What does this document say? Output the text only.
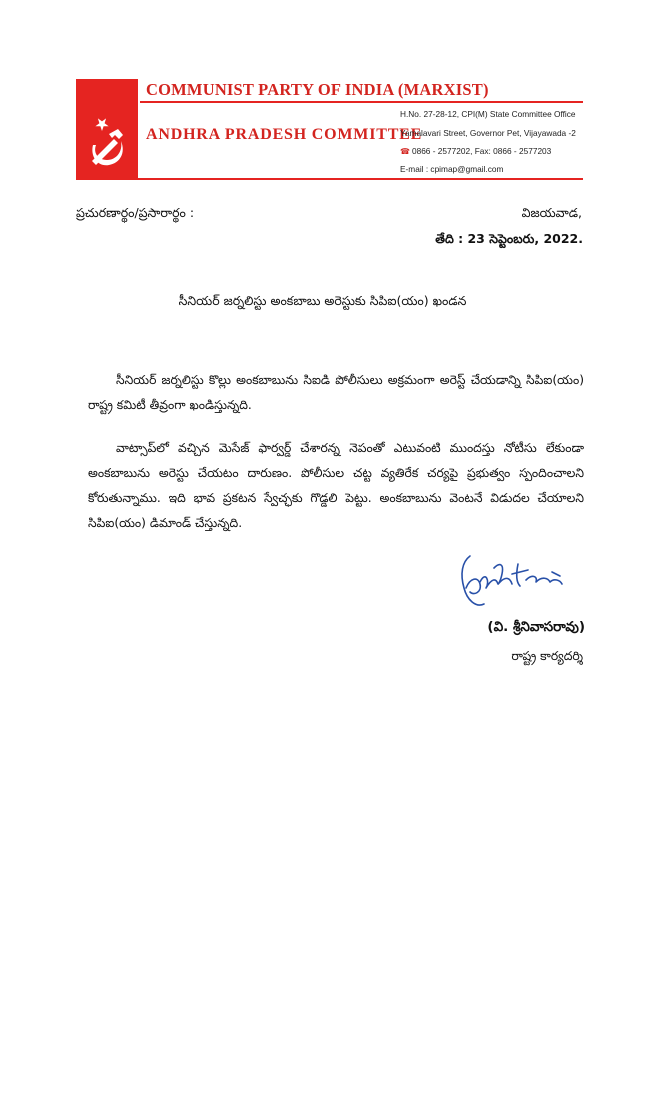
COMMUNIST PARTY OF INDIA (MARXIST)
ANDHRA PRADESH COMMITTEE
H.No. 27-28-12, CPI(M) State Committee Office
Yamalavari Street, Governor Pet, Vijayawada -2
☎ 0866 - 2577202, Fax: 0866 - 2577203
E-mail : cpimap@gmail.com
ప్రచురణార్థం/ప్రసారార్థం :	విజయవాడ,
తేది : 23 సెప్టెంబరు, 2022.
సీనియర్ జర్నలిస్టు అంకబాబు అరెస్టుకు సిపిఐ(యం) ఖండన

సీనియర్ జర్నలిస్టు కొల్లు అంకబాబును సిఐడి పోలీసులు అక్రమంగా అరెస్ట్ చేయడాన్ని సిపిఐ(యం) రాష్ట్ర కమిటీ తీవ్రంగా ఖండిస్తున్నది.

వాట్సాప్‌లో వచ్చిన మెసేజ్ ఫార్వర్డ్ చేశారన్న నెపంతో ఎటువంటి ముందస్తు నోటీసు లేకుండా అంకబాబును అరెస్టు చేయటం దారుణం. పోలీసుల చట్ట వ్యతిరేక చర్యపై ప్రభుత్వం స్పందించాలని కోరుతున్నాము. ఇది భావ ప్రకటన స్వేచ్ఛకు గొడ్డలి పెట్టు. అంకబాబును వెంటనే విడుదల చేయాలని సిపిఐ(యం) డిమాండ్ చేస్తున్నది.

(వి. శ్రీనివాసరావు)
రాష్ట్ర కార్యదర్శి
